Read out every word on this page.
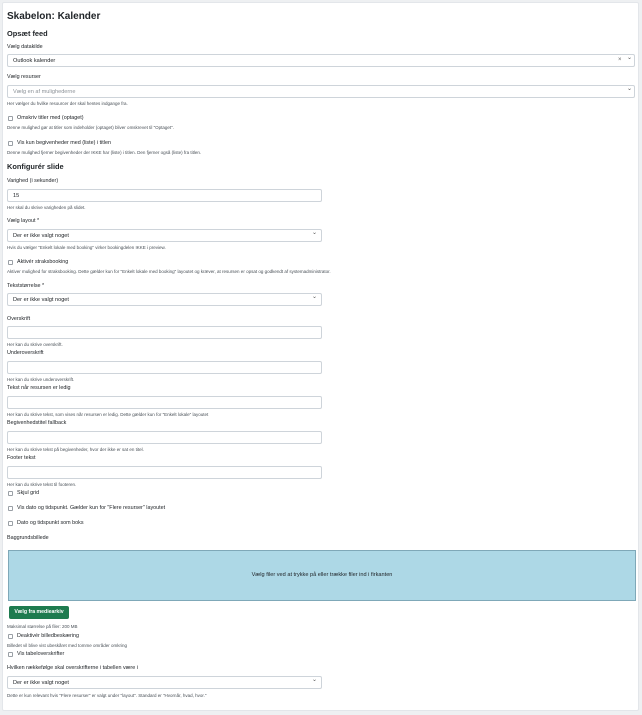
Skabelon: Kalender
Opsæt feed
Vælg datakilde
Outlook kalender	× ⌄
Vælg resurser
Vælg en af mulighederne	⌄
Her vælger du hvilke resourcer der skal hentes indgange fra.
Omskriv titler med (optaget)
Denne mulighed gør at titler som indeholder (optaget) bliver omskrevet til "Optaget".
Vis kun begivenheder med (liste) i titlen
Denne mulighed fjerner begivenheder der IKKE har (liste) i titlen. Den fjerner også (liste) fra titlen.
Konfigurér slide
Varighed (i sekunder)
15
Her skal du skrive varigheden på slidet.
Vælg layout *
Der er ikke valgt noget	⌄
Hvis du vælger "Enkelt lokale med booking" virker bookingdelen IKKE i preview.
Aktivér straksbooking
Aktiver mulighed for straksbooking. Dette gælder kun for "Enkelt lokale med booking" layoutet og kræver, at resursen er opsat og godkendt af systemadministrator.
Tekststørrelse *
Der er ikke valgt noget	⌄
Overskrift
Her kan du skrive overskrift.
Underoverskrift
Her kan du skrive underoverskrift.
Tekst når resursen er ledig
Her kan du skrive tekst, som vises når resursen er ledig. Dette gælder kun for "Enkelt lokale" layoutet
Begivenhedstitel fallback
Her kan du skrive tekst på begivenheder, hvor der ikke er sat en titel.
Footer tekst
Her kan du skrive tekst til footeren.
Skjul grid
Vis dato og tidspunkt. Gælder kun for "Flere resurser" layoutet
Dato og tidspunkt som boks
Baggrundsbillede
Vælg filer ved at trykke på eller trække filer ind i firkanten
Vælg fra mediearkiv
Maksimal størrelse på filer: 200 MB
Deaktivér billedbeskæring
Billedet vil blive vist ubeskåret med tomme områder omkring
Vis tabeloverskrifter
Hvilken rækkefølge skal overskrifterne i tabellen være i
Der er ikke valgt noget	⌄
Dette er kun relevant hvis "Flere resurser" er valgt under "layout". Standard er "Hvornår, hvad, hvor."
